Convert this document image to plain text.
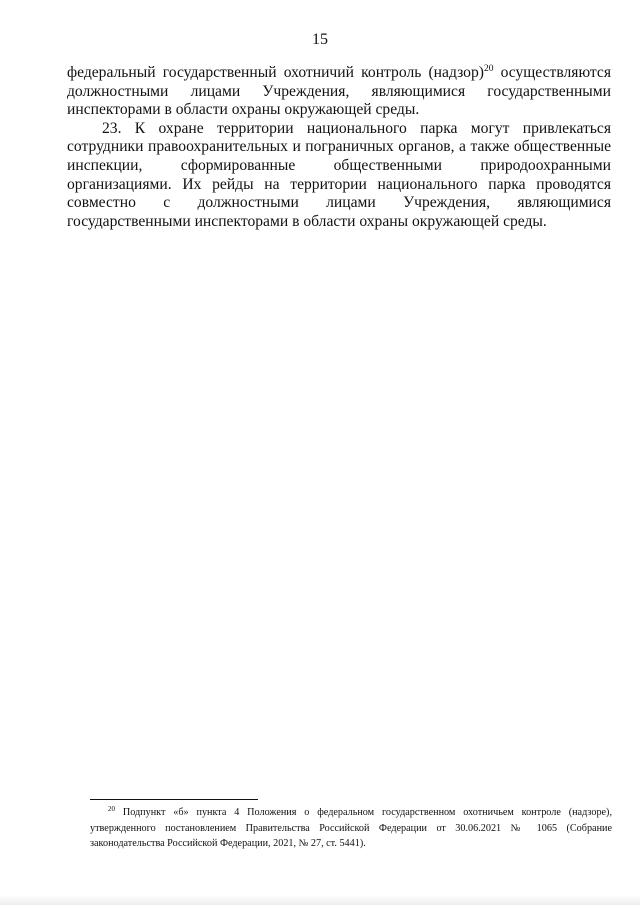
15

федеральный государственный охотничий контроль (надзор)$^{20}$ осуществляются должностными лицами Учреждения, являющимися государственными инспекторами в области охраны окружающей среды.

23. К охране территории национального парка могут привлекаться сотрудники правоохранительных и пограничных органов, а также общественные инспекции, сформированные общественными природоохранными организациями. Их рейды на территории национального парка проводятся совместно с должностными лицами Учреждения, являющимися государственными инспекторами в области охраны окружающей среды.

$^{20}$ Подпункт «б» пункта 4 Положения о федеральном государственном охотничьем контроле (надзоре), утвержденного постановлением Правительства Российской Федерации от 30.06.2021 № 1065 (Собрание законодательства Российской Федерации, 2021, № 27, ст. 5441).
